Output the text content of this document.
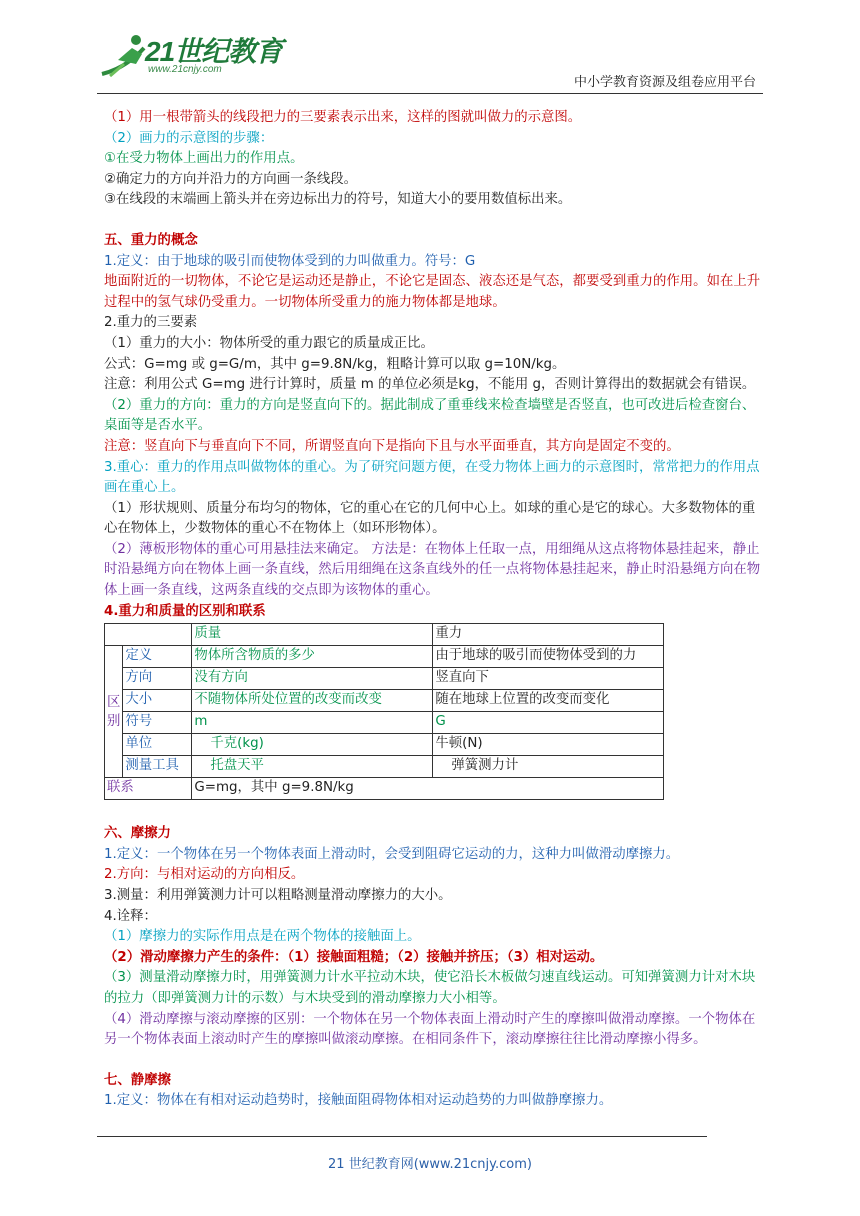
21世纪教育
www.21cnjy.com
中小学教育资源及组卷应用平台

（1）用一根带箭头的线段把力的三要素表示出来，这样的图就叫做力的示意图。

（2）画力的示意图的步骤：

①在受力物体上画出力的作用点。

②确定力的方向并沿力的方向画一条线段。

③在线段的末端画上箭头并在旁边标出力的符号，知道大小的要用数值标出来。

五、重力的概念

1.定义：由于地球的吸引而使物体受到的力叫做重力。符号：G

地面附近的一切物体，不论它是运动还是静止，不论它是固态、液态还是气态，都要受到重力的作用。如在上升过程中的氢气球仍受重力。一切物体所受重力的施力物体都是地球。

2.重力的三要素

（1）重力的大小：物体所受的重力跟它的质量成正比。

公式：G=mg 或 g=G/m，其中 g=9.8N/kg，粗略计算可以取 g=10N/kg。

注意：利用公式 G=mg 进行计算时，质量 m 的单位必须是kg，不能用 g，否则计算得出的数据就会有错误。

（2）重力的方向：重力的方向是竖直向下的。据此制成了重垂线来检查墙壁是否竖直，也可改进后检查窗台、桌面等是否水平。

注意：竖直向下与垂直向下不同，所谓竖直向下是指向下且与水平面垂直，其方向是固定不变的。

3.重心：重力的作用点叫做物体的重心。为了研究问题方便，在受力物体上画力的示意图时，常常把力的作用点画在重心上。

（1）形状规则、质量分布均匀的物体，它的重心在它的几何中心上。如球的重心是它的球心。大多数物体的重心在物体上，少数物体的重心不在物体上（如环形物体）。

（2）薄板形物体的重心可用悬挂法来确定。 方法是：在物体上任取一点，用细绳从这点将物体悬挂起来，静止时沿悬绳方向在物体上画一条直线，然后用细绳在这条直线外的任一点将物体悬挂起来，静止时沿悬绳方向在物体上画一条直线，这两条直线的交点即为该物体的重心。

4.重力和质量的区别和联系

		质量	重力
区别	定义	物体所含物质的多少	由于地球的吸引而使物体受到的力
	方向	没有方向	竖直向下
	大小	不随物体所处位置的改变而改变	随在地球上位置的改变而变化
	符号	m	G
	单位	千克(kg)	牛顿(N)
	测量工具	托盘天平	弹簧测力计
联系		G=mg，其中 g=9.8N/kg	

六、摩擦力

1.定义：一个物体在另一个物体表面上滑动时，会受到阻碍它运动的力，这种力叫做滑动摩擦力。

2.方向：与相对运动的方向相反。

3.测量：利用弹簧测力计可以粗略测量滑动摩擦力的大小。

4.诠释：

（1）摩擦力的实际作用点是在两个物体的接触面上。

（2）滑动摩擦力产生的条件：（1）接触面粗糙；（2）接触并挤压；（3）相对运动。

（3）测量滑动摩擦力时，用弹簧测力计水平拉动木块，使它沿长木板做匀速直线运动。可知弹簧测力计对木块的拉力（即弹簧测力计的示数）与木块受到的滑动摩擦力大小相等。

（4）滑动摩擦与滚动摩擦的区别：一个物体在另一个物体表面上滑动时产生的摩擦叫做滑动摩擦。一个物体在另一个物体表面上滚动时产生的摩擦叫做滚动摩擦。在相同条件下，滚动摩擦往往比滑动摩擦小得多。

七、静摩擦

1.定义：物体在有相对运动趋势时，接触面阻碍物体相对运动趋势的力叫做静摩擦力。

21 世纪教育网(www.21cnjy.com)
